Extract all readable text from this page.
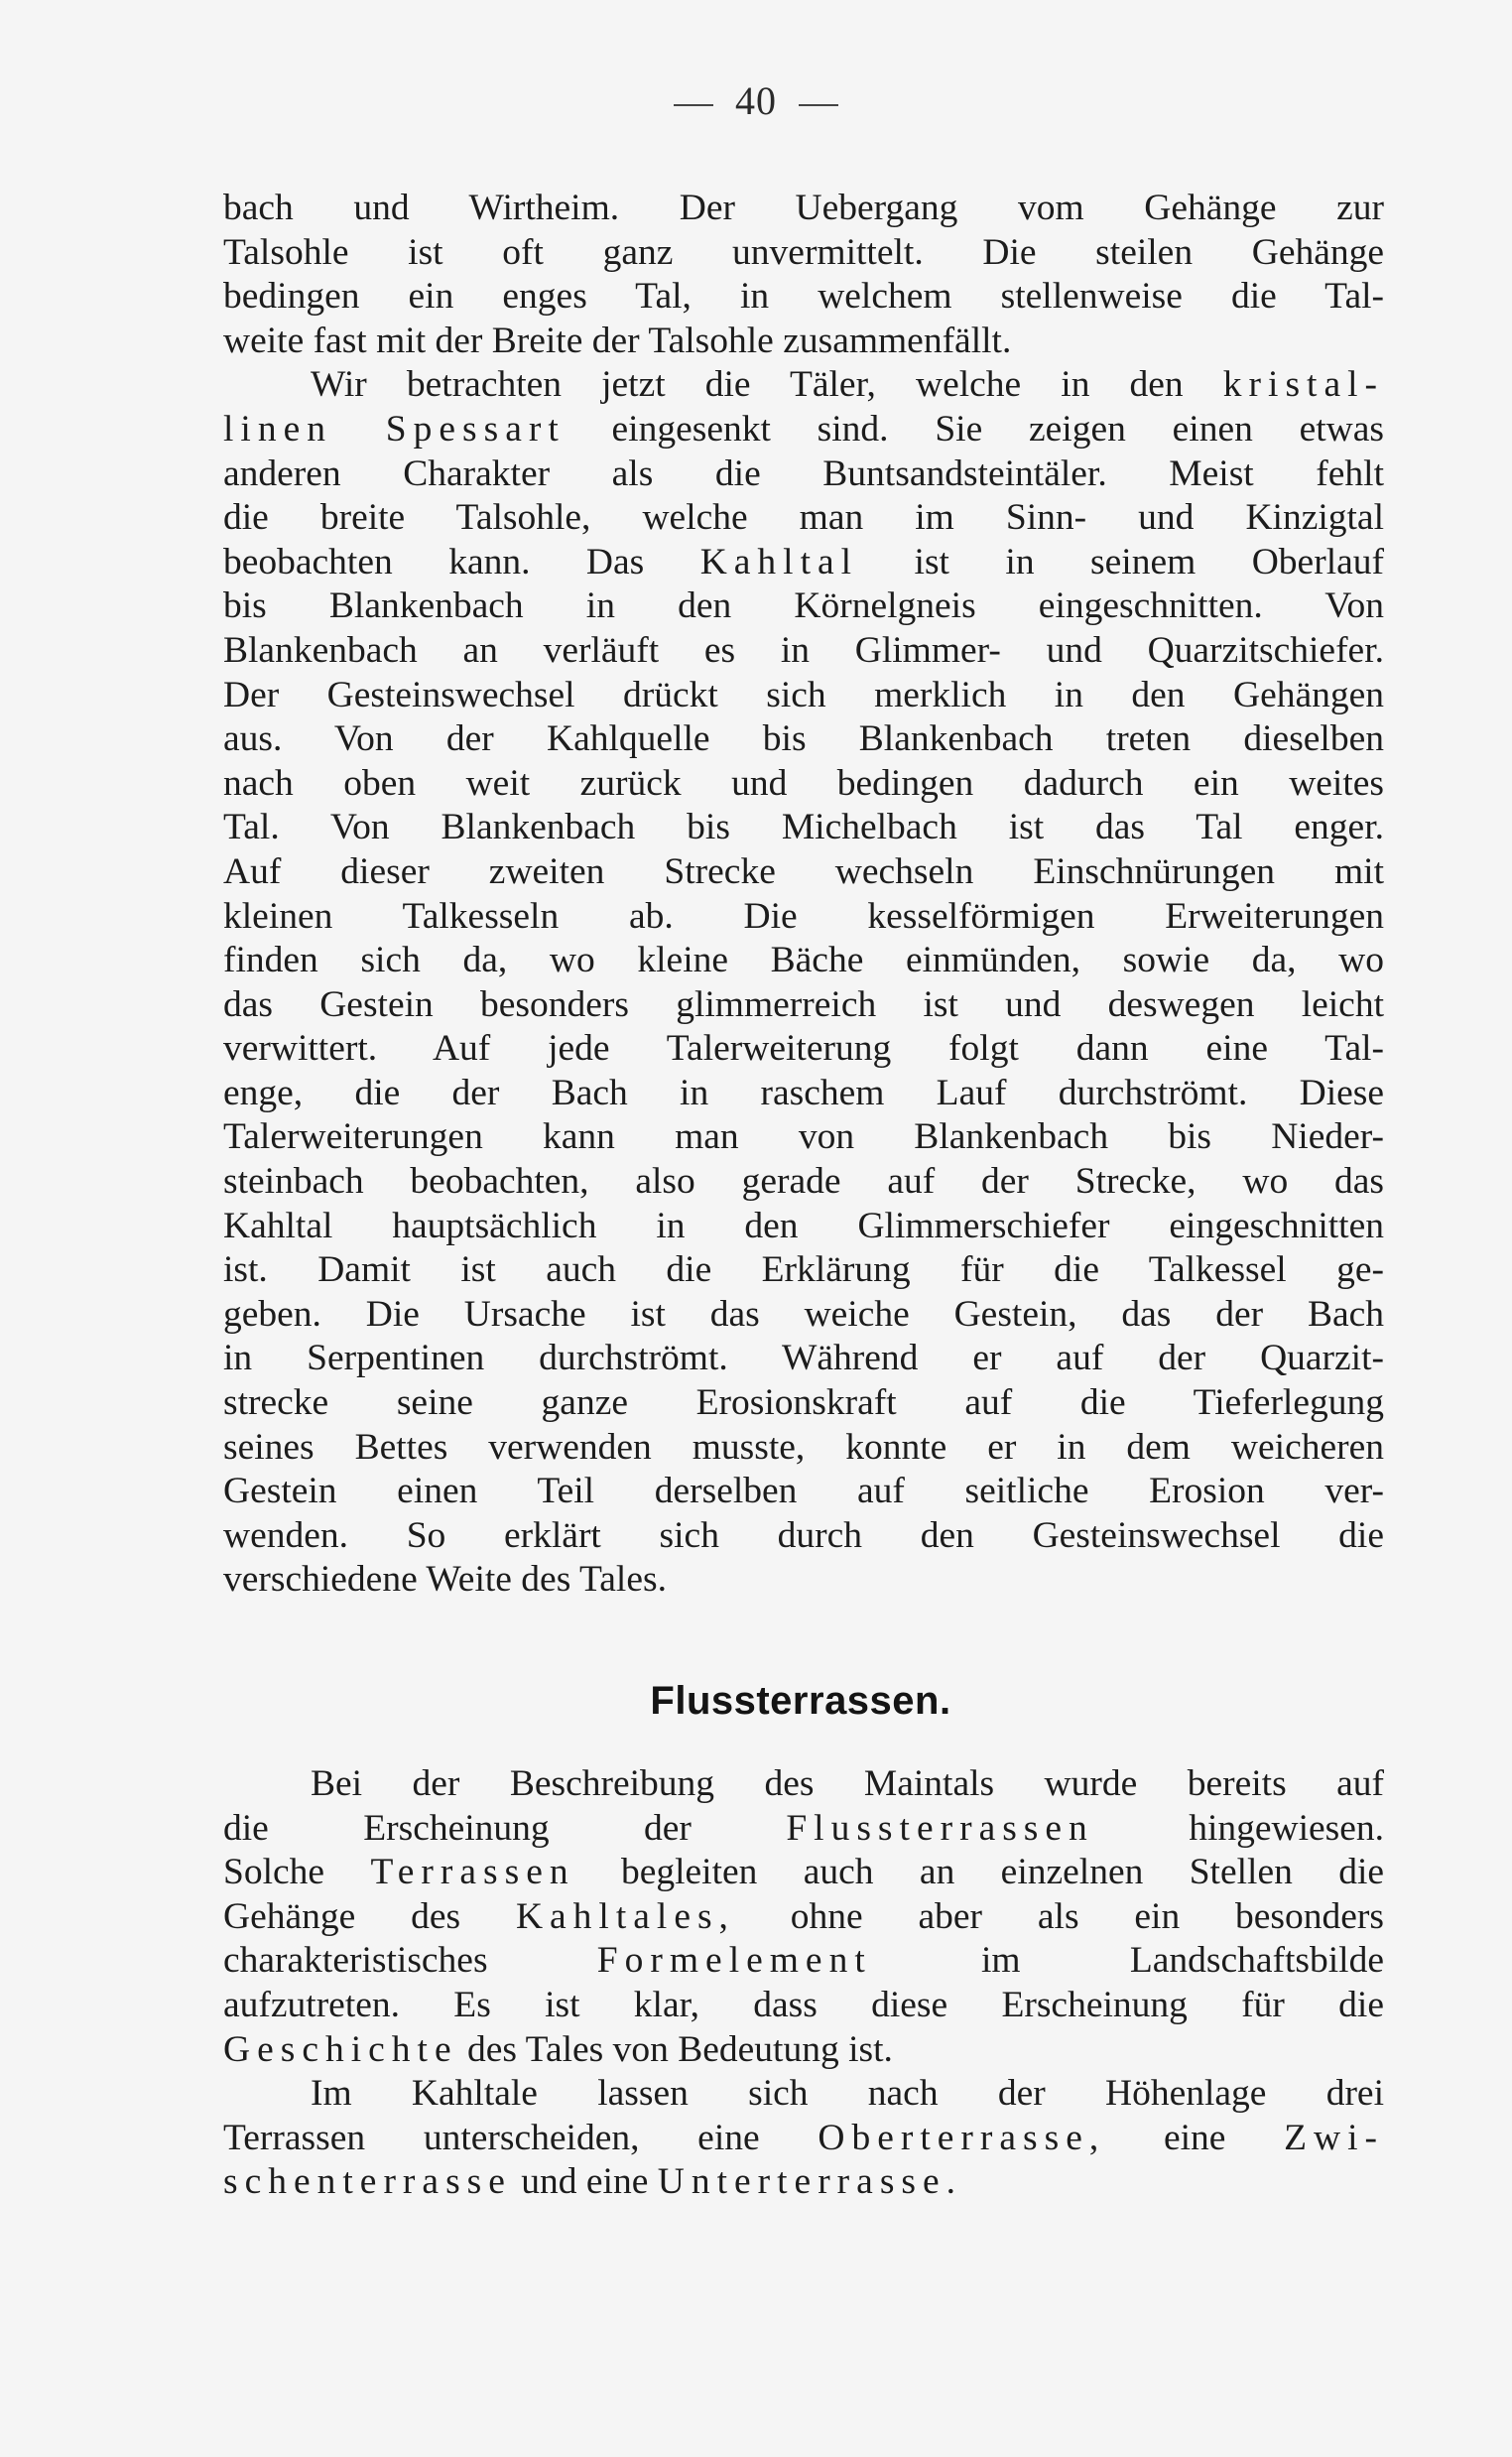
40

bach und Wirtheim. Der Uebergang vom Gehänge zur
Talsohle ist oft ganz unvermittelt. Die steilen Gehänge
bedingen ein enges Tal, in welchem stellenweise die Tal-
weite fast mit der Breite der Talsohle zusammenfällt.

Wir betrachten jetzt die Täler, welche in den kristal-
linen Spessart eingesenkt sind. Sie zeigen einen etwas
anderen Charakter als die Buntsandsteintäler. Meist fehlt
die breite Talsohle, welche man im Sinn- und Kinzigtal
beobachten kann. Das Kahltal ist in seinem Oberlauf
bis Blankenbach in den Körnelgneis eingeschnitten. Von
Blankenbach an verläuft es in Glimmer- und Quarzitschiefer.
Der Gesteinswechsel drückt sich merklich in den Gehängen
aus. Von der Kahlquelle bis Blankenbach treten dieselben
nach oben weit zurück und bedingen dadurch ein weites
Tal. Von Blankenbach bis Michelbach ist das Tal enger.
Auf dieser zweiten Strecke wechseln Einschnürungen mit
kleinen Talkesseln ab. Die kesselförmigen Erweiterungen
finden sich da, wo kleine Bäche einmünden, sowie da, wo
das Gestein besonders glimmerreich ist und deswegen leicht
verwittert. Auf jede Talerweiterung folgt dann eine Tal-
enge, die der Bach in raschem Lauf durchströmt. Diese
Talerweiterungen kann man von Blankenbach bis Nieder-
steinbach beobachten, also gerade auf der Strecke, wo das
Kahltal hauptsächlich in den Glimmerschiefer eingeschnitten
ist. Damit ist auch die Erklärung für die Talkessel ge-
geben. Die Ursache ist das weiche Gestein, das der Bach
in Serpentinen durchströmt. Während er auf der Quarzit-
strecke seine ganze Erosionskraft auf die Tieferlegung
seines Bettes verwenden musste, konnte er in dem weicheren
Gestein einen Teil derselben auf seitliche Erosion ver-
wenden. So erklärt sich durch den Gesteinswechsel die
verschiedene Weite des Tales.

Flussterrassen.

Bei der Beschreibung des Maintals wurde bereits auf
die Erscheinung der	Flussterrassen	hingewiesen.
Solche Terrassen begleiten auch an einzelnen Stellen die
Gehänge des Kahltales, ohne aber als ein besonders
charakteristisches	Formelement	im Landschaftsbilde
aufzutreten. Es ist klar, dass diese Erscheinung für die
Geschichte des Tales von Bedeutung ist.

Im Kahltale lassen sich nach der Höhenlage drei
Terrassen unterscheiden, eine Oberterrasse, eine Zwi-
schenterrasse und eine Unterterrasse.
